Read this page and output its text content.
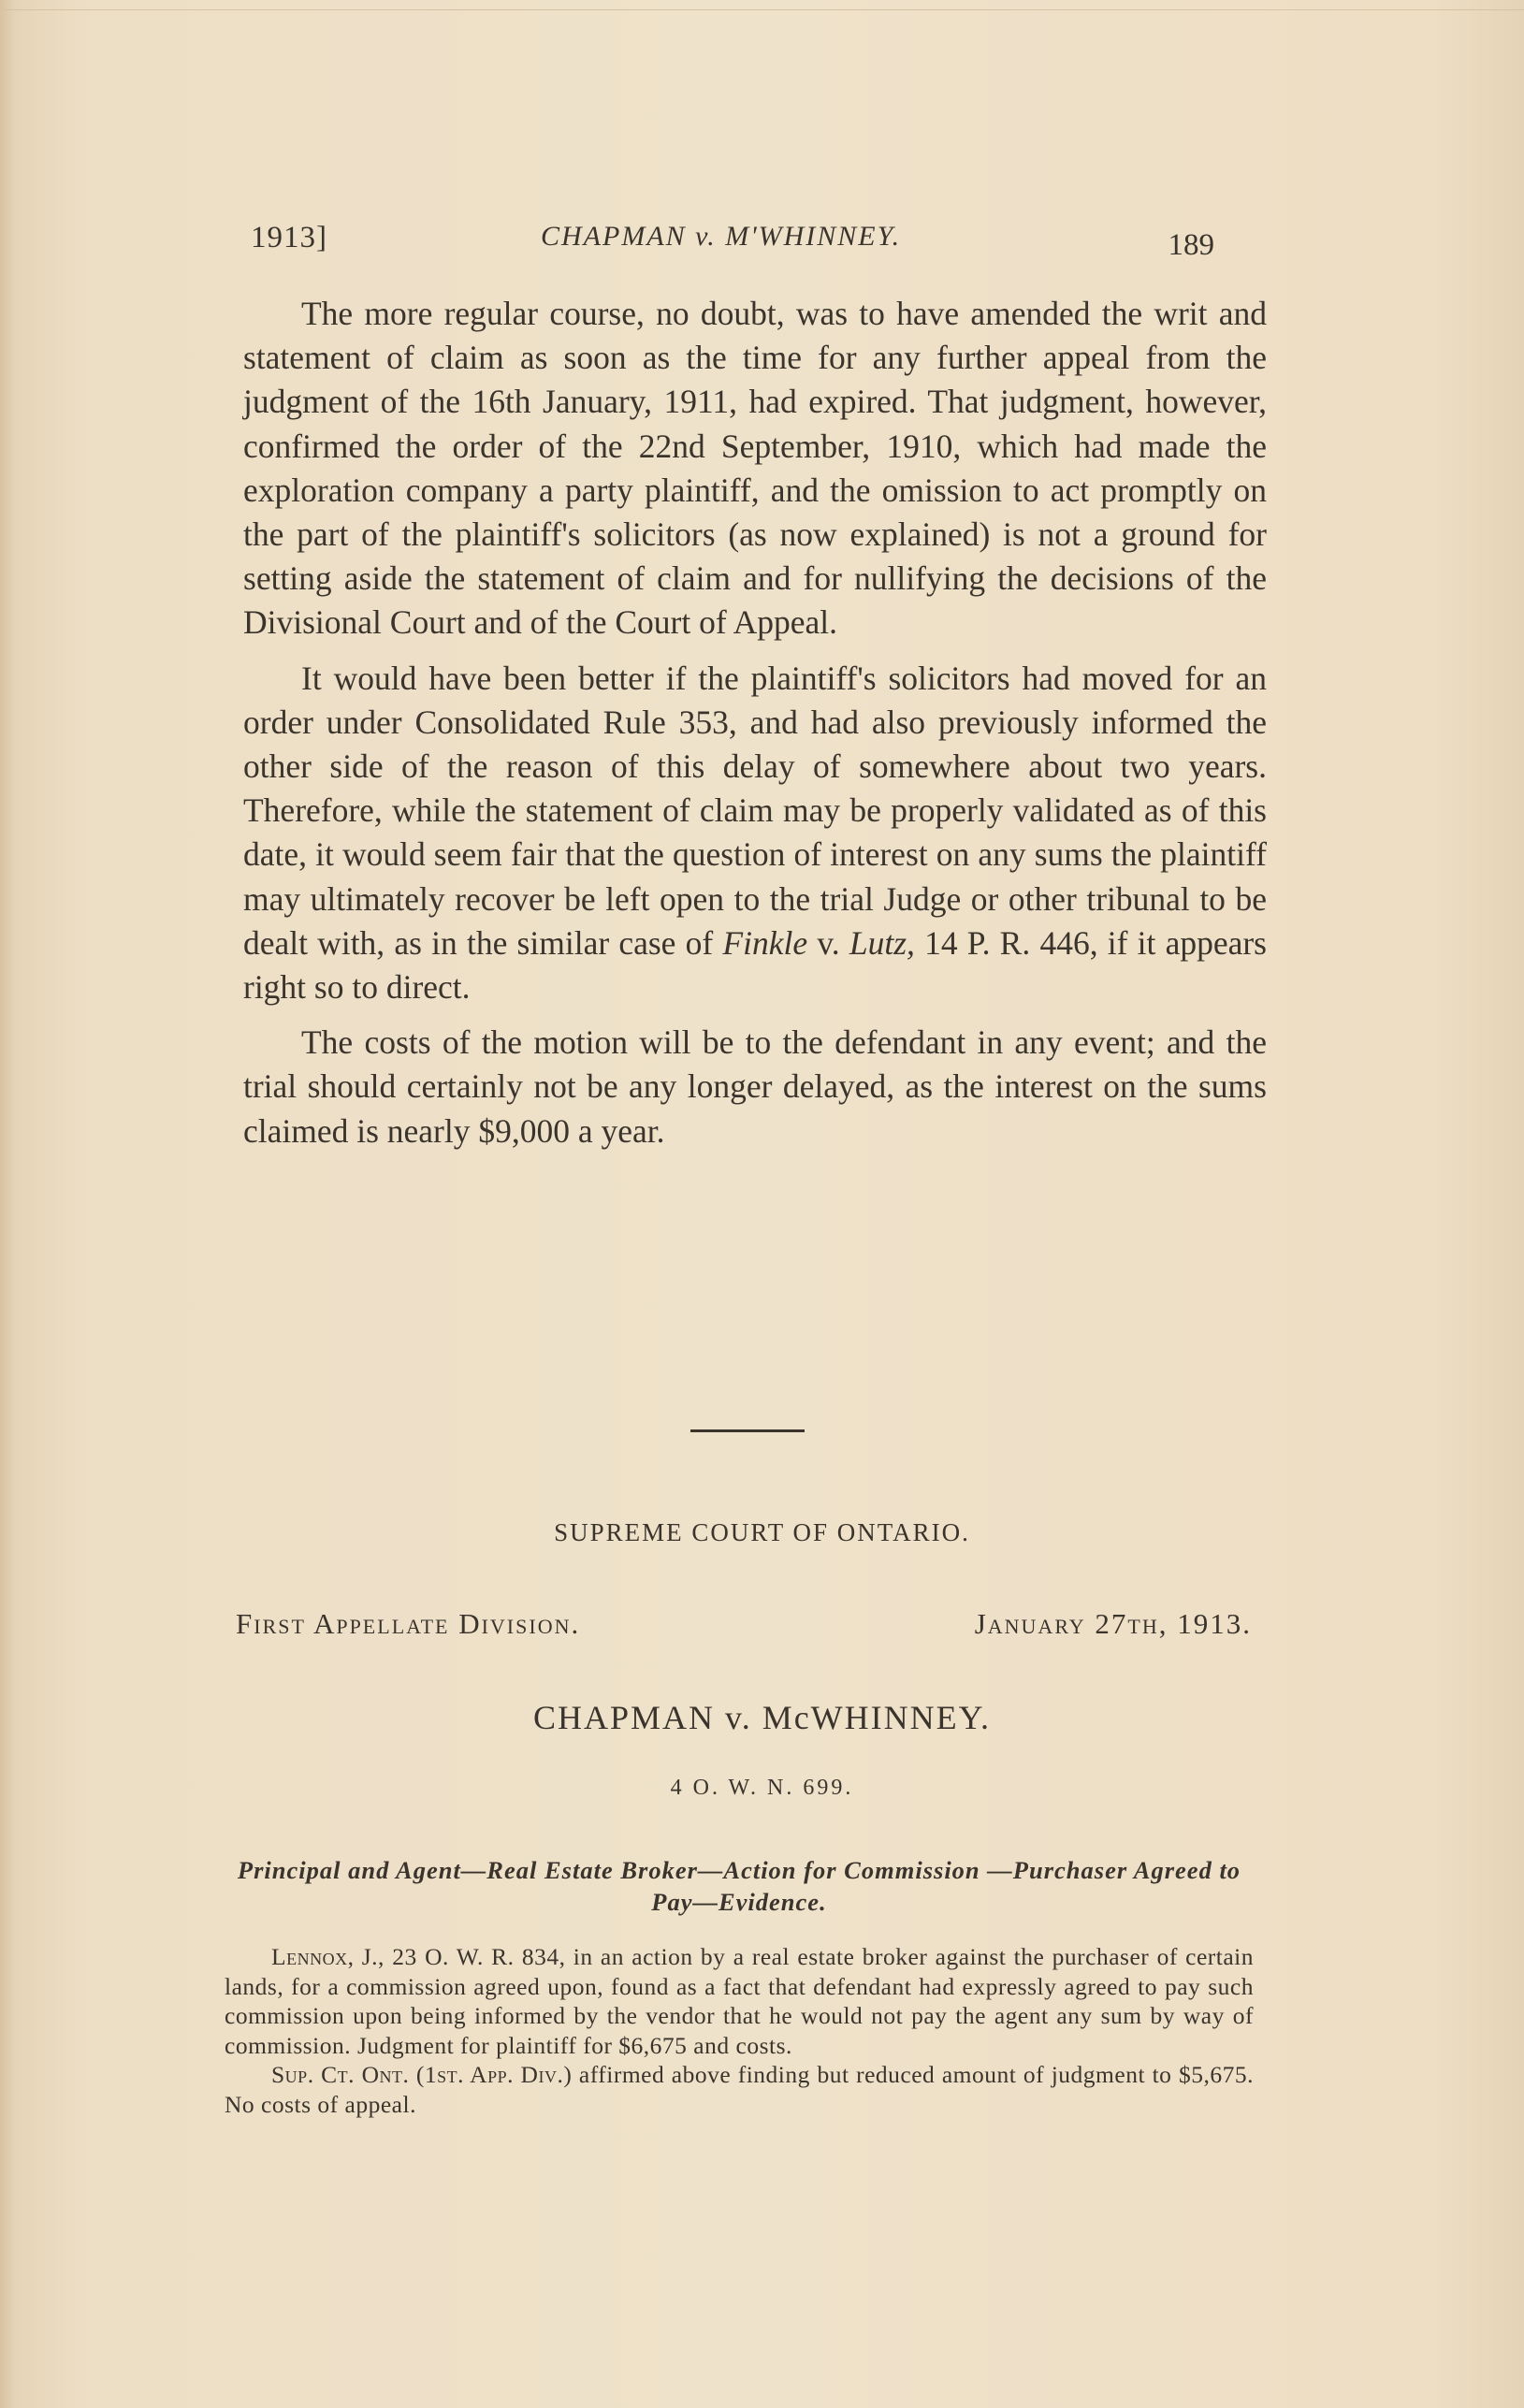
1913]	CHAPMAN v. M'WHINNEY.	189

The more regular course, no doubt, was to have amended the writ and statement of claim as soon as the time for any further appeal from the judgment of the 16th January, 1911, had expired. That judgment, however, confirmed the order of the 22nd September, 1910, which had made the exploration company a party plaintiff, and the omission to act promptly on the part of the plaintiff's solicitors (as now explained) is not a ground for setting aside the statement of claim and for nullifying the decisions of the Divisional Court and of the Court of Appeal.

It would have been better if the plaintiff's solicitors had moved for an order under Consolidated Rule 353, and had also previously informed the other side of the reason of this delay of somewhere about two years. Therefore, while the statement of claim may be properly validated as of this date, it would seem fair that the question of interest on any sums the plaintiff may ultimately recover be left open to the trial Judge or other tribunal to be dealt with, as in the similar case of Finkle v. Lutz, 14 P. R. 446, if it appears right so to direct.

The costs of the motion will be to the defendant in any event; and the trial should certainly not be any longer delayed, as the interest on the sums claimed is nearly $9,000 a year.

SUPREME COURT OF ONTARIO.
First Appellate Division.	January 27th, 1913.
CHAPMAN v. McWHINNEY.
4 O. W. N. 699.
Principal and Agent—Real Estate Broker—Action for Commission —Purchaser Agreed to Pay—Evidence.

Lennox, J., 23 O. W. R. 834, in an action by a real estate broker against the purchaser of certain lands, for a commission agreed upon, found as a fact that defendant had expressly agreed to pay such commission upon being informed by the vendor that he would not pay the agent any sum by way of commission. Judgment for plaintiff for $6,675 and costs.

Sup. Ct. Ont. (1st. App. Div.) affirmed above finding but reduced amount of judgment to $5,675. No costs of appeal.
